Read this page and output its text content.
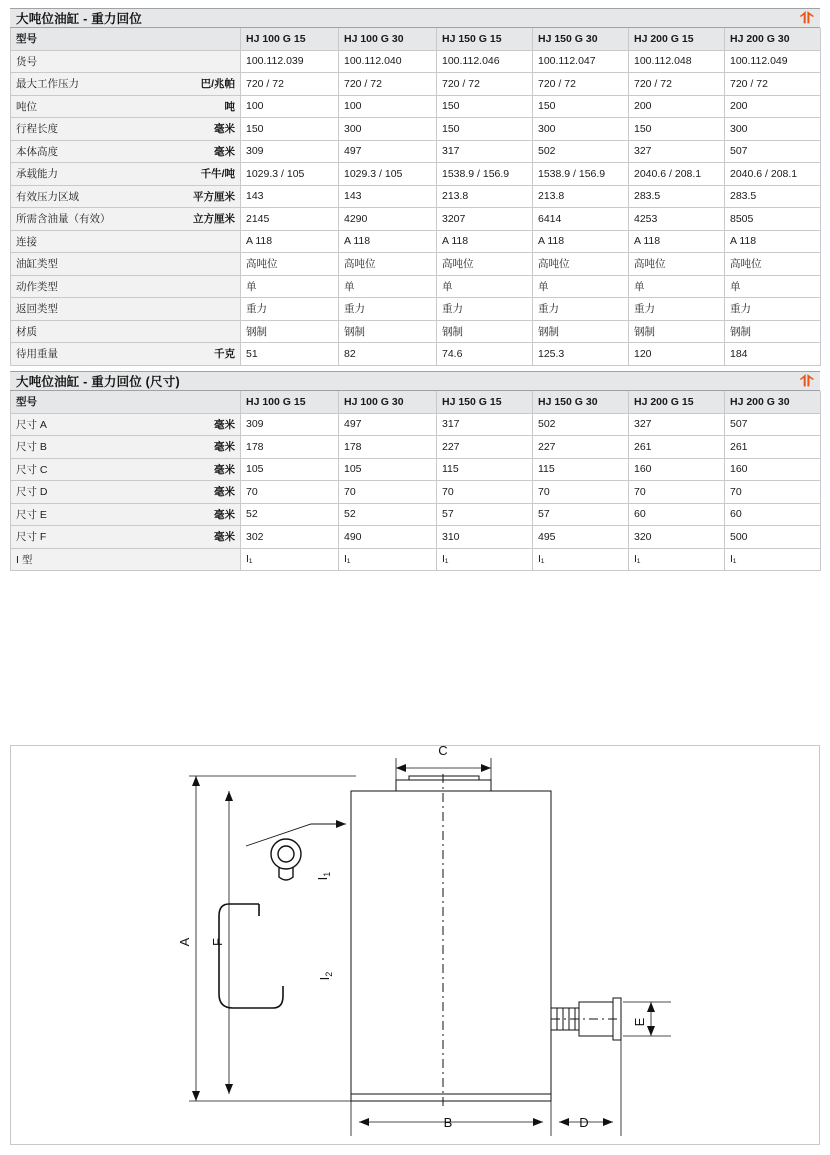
大吨位油缸 - 重力回位	⥣
型号	HJ 100 G 15	HJ 100 G 30	HJ 150 G 15	HJ 150 G 30	HJ 200 G 15	HJ 200 G 30

货号	100.112.039	100.112.040	100.112.046	100.112.047	100.112.048	100.112.049

最大工作压力 巴/兆帕	720 / 72	720 / 72	720 / 72	720 / 72	720 / 72	720 / 72

吨位 吨	100	100	150	150	200	200

行程长度 毫米	150	300	150	300	150	300

本体高度 毫米	309	497	317	502	327	507

承载能力 千牛/吨	1029.3 / 105	1029.3 / 105	1538.9 / 156.9	1538.9 / 156.9	2040.6 / 208.1	2040.6 / 208.1

有效压力区域 平方厘米	143	143	213.8	213.8	283.5	283.5

所需含油量（有效） 立方厘米	2145	4290	3207	6414	4253	8505

连接	A 118	A 118	A 118	A 118	A 118	A 118

油缸类型	高吨位	高吨位	高吨位	高吨位	高吨位	高吨位

动作类型	单	单	单	单	单	单

返回类型	重力	重力	重力	重力	重力	重力

材质	钢制	钢制	钢制	钢制	钢制	钢制

待用重量 千克	51	82	74.6	125.3	120	184
大吨位油缸 - 重力回位 (尺寸)	⥣
型号	HJ 100 G 15	HJ 100 G 30	HJ 150 G 15	HJ 150 G 30	HJ 200 G 15	HJ 200 G 30

尺寸 A 毫米	309	497	317	502	327	507

尺寸 B 毫米	178	178	227	227	261	261

尺寸 C 毫米	105	105	115	115	160	160

尺寸 D 毫米	70	70	70	70	70	70

尺寸 E 毫米	52	52	57	57	60	60

尺寸 F 毫米	302	490	310	495	320	500

I 型	I₁	I₁	I₁	I₁	I₁	I₁
C
B	D
A F
E
$I_1$
$I_2$
